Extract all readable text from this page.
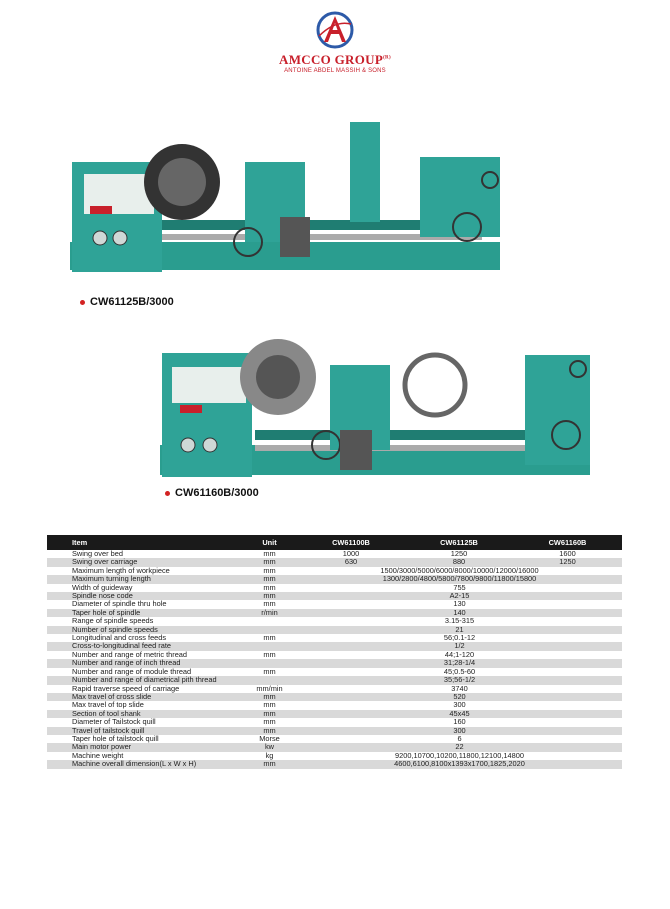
AMCCO $GROUP^{(R)}$
ANTOINE ABDEL MASSIH & SONS
CW61125B/3000
CW61160B/3000
Item	Unit	CW61100B	CW61125B	CW61160B
Swing over bed	mm	1000	1250	1600
Swing over carriage	mm	630	880	1250
Maximum length of workpiece	mm	1500/3000/5000/6000/8000/10000/12000/16000		
Maximum turning length	mm	1300/2800/4800/5800/7800/9800/11800/15800		
Width of guideway	mm	755		
Spindle nose code	mm	A2-15		
Diameter of spindle thru hole	mm	130		
Taper hole of spindle	r/min	140		
Range of spindle speeds		3.15-315		
Number of spindle speeds		21		
Longitudinal and cross feeds	mm	56;0.1-12		
Cross-to-longitudinal feed rate		1/2		
Number and range of metric thread	mm	44;1-120		
Number and range of inch thread		31;28-1/4		
Number and range of module thread	mm	45;0.5-60		
Number and range of diametrical pith thread		35;56-1/2		
Rapid traverse speed of carriage	mm/min	3740		
Max travel of cross slide	mm	520		
Max travel of top slide	mm	300		
Section of tool shank	mm	45x45		
Diameter of Tailstock quill	mm	160		
Travel of tailstock quill	mm	300		
Taper hole of tailstock quill	Morse	6		
Main motor power	kw	22		
Machine weight	kg	9200,10700,10200,11800,12100,14800		
Machine overall dimension(L x W x H)	mm	4600,6100,8100x1393x1700,1825,2020		
